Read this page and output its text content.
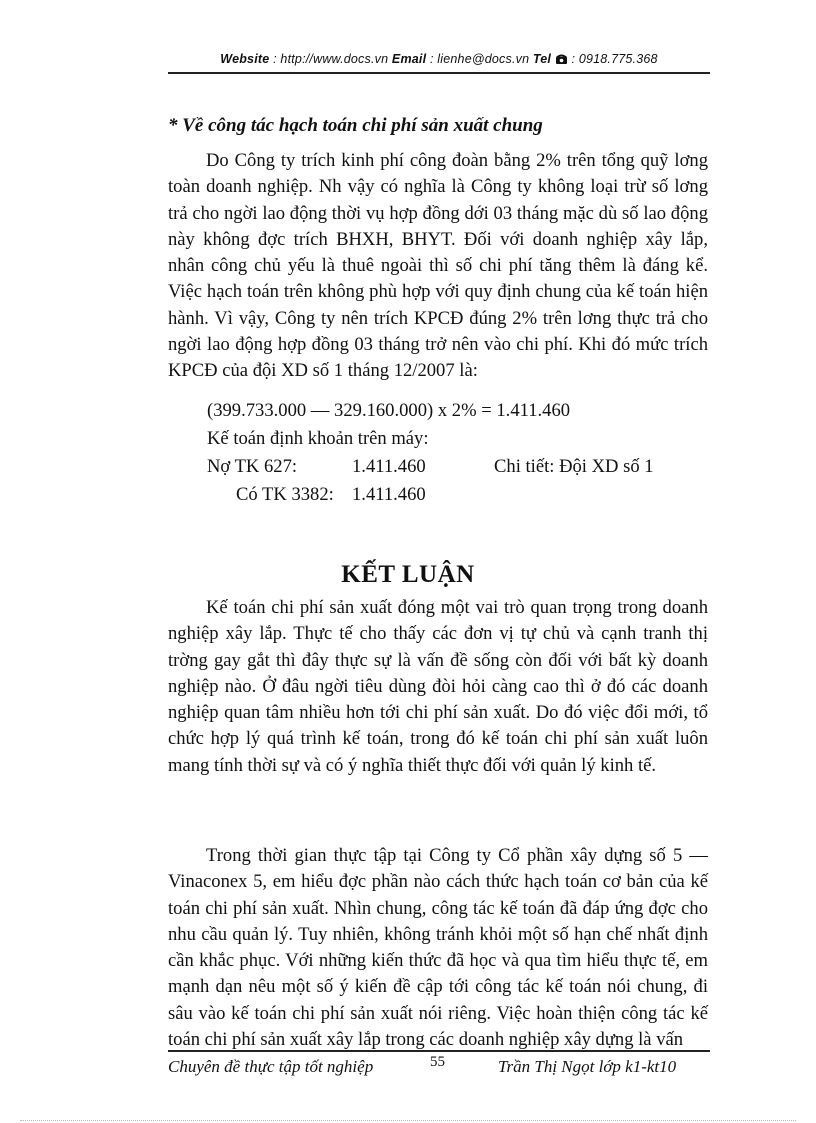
Website : http://www.docs.vn Email : lienhe@docs.vn Tel  : 0918.775.368
* Về công tác hạch toán chi phí sản xuất chung
Do Công ty trích kinh phí công đoàn bằng 2% trên tổng quỹ lơng toàn doanh nghiệp. Nh vậy có nghĩa là Công ty không loại trừ số lơng trả cho ngời lao động thời vụ hợp đồng dới 03 tháng mặc dù số lao động này không đợc trích BHXH, BHYT. Đối với doanh nghiệp xây lắp, nhân công chủ yếu là thuê ngoài thì số chi phí tăng thêm là đáng kể. Việc hạch toán trên không phù hợp với quy định chung của kế toán hiện hành. Vì vậy, Công ty nên trích KPCĐ đúng 2% trên lơng thực trả cho ngời lao động hợp đồng 03 tháng trở nên vào chi phí. Khi đó mức trích KPCĐ của đội XD số 1 tháng 12/2007 là:
(399.733.000 — 329.160.000) x 2% = 1.411.460
Kế toán định khoản trên máy:
Nợ TK 627:	1.411.460	Chi tiết: Đội XD số 1
Có TK 3382: 1.411.460
KẾT LUẬN
Kế toán chi phí sản xuất đóng một vai trò quan trọng trong doanh nghiệp xây lắp. Thực tế cho thấy các đơn vị tự chủ và cạnh tranh thị trờng gay gắt thì đây thực sự là vấn đề sống còn đối với bất kỳ doanh nghiệp nào. Ở đâu ngời tiêu dùng đòi hỏi càng cao thì ở đó các doanh nghiệp quan tâm nhiều hơn tới chi phí sản xuất. Do đó việc đổi mới, tổ chức hợp lý quá trình kế toán, trong đó kế toán chi phí sản xuất luôn mang tính thời sự và có ý nghĩa thiết thực đối với quản lý kinh tế.
Trong thời gian thực tập tại Công ty Cổ phần xây dựng số 5 — Vinaconex 5, em hiểu đợc phần nào cách thức hạch toán cơ bản của kế toán chi phí sản xuất. Nhìn chung, công tác kế toán đã đáp ứng đợc cho nhu cầu quản lý. Tuy nhiên, không tránh khỏi một số hạn chế nhất định cần khắc phục. Với những kiến thức đã học và qua tìm hiểu thực tế, em mạnh dạn nêu một số ý kiến đề cập tới công tác kế toán nói chung, đi sâu vào kế toán chi phí sản xuất nói riêng. Việc hoàn thiện công tác kế toán chi phí sản xuất xây lắp trong các doanh nghiệp xây dựng là vấn
Chuyên đề thực tập tốt nghiệp	55	Trần Thị Ngọt lớp k1-kt10
